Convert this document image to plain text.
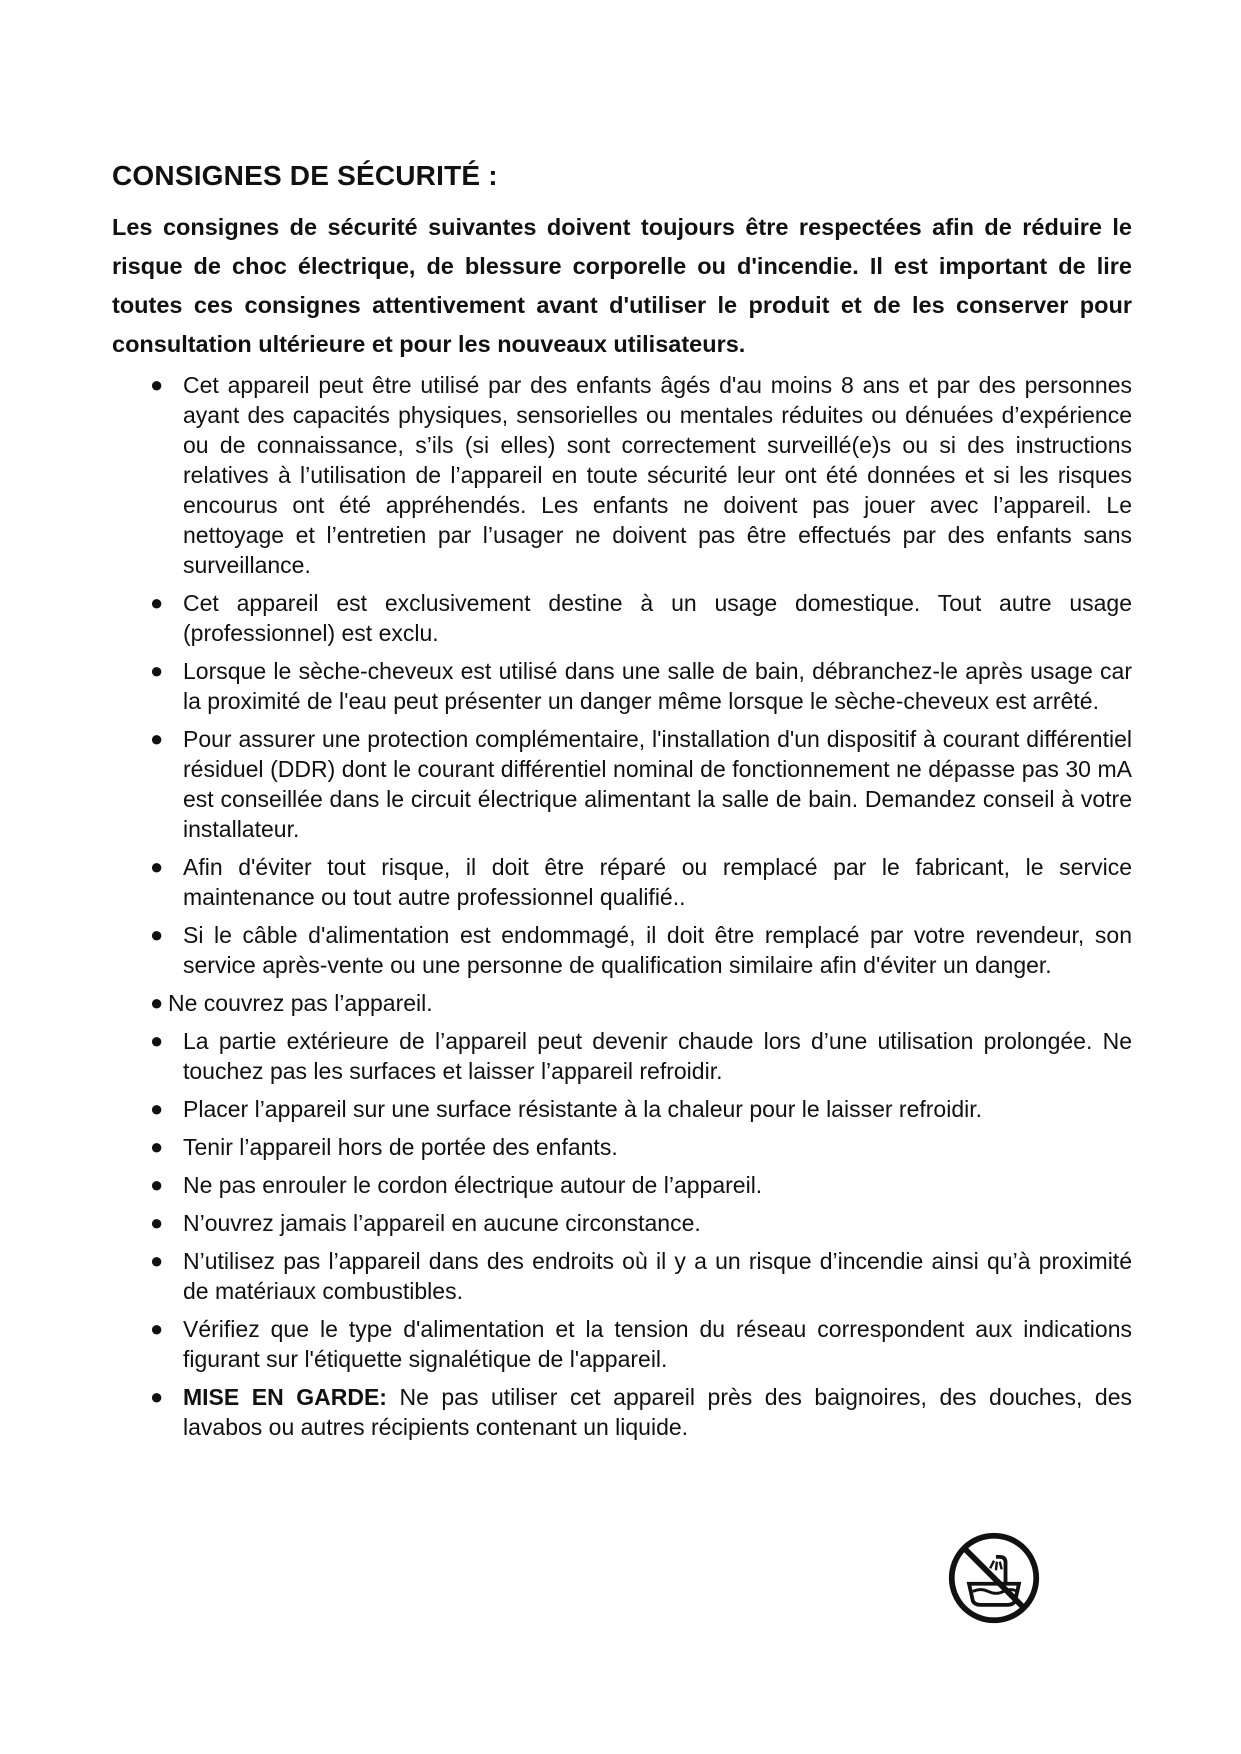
CONSIGNES DE SÉCURITÉ :

Les consignes de sécurité suivantes doivent toujours être respectées afin de réduire le risque de choc électrique, de blessure corporelle ou d'incendie. Il est important de lire toutes ces consignes attentivement avant d'utiliser le produit et de les conserver pour consultation ultérieure et pour les nouveaux utilisateurs.

● Cet appareil peut être utilisé par des enfants âgés d'au moins 8 ans et par des personnes ayant des capacités physiques, sensorielles ou mentales réduites ou dénuées d’expérience ou de connaissance, s’ils (si elles) sont correctement surveillé(e)s ou si des instructions relatives à l’utilisation de l’appareil en toute sécurité leur ont été données et si les risques encourus ont été appréhendés. Les enfants ne doivent pas jouer avec l’appareil. Le nettoyage et l’entretien par l’usager ne doivent pas être effectués par des enfants sans surveillance.
● Cet appareil est exclusivement destine à un usage domestique. Tout autre usage (professionnel) est exclu.
● Lorsque le sèche-cheveux est utilisé dans une salle de bain, débranchez-le après usage car la proximité de l'eau peut présenter un danger même lorsque le sèche-cheveux est arrêté.
● Pour assurer une protection complémentaire, l'installation d'un dispositif à courant différentiel résiduel (DDR) dont le courant différentiel nominal de fonctionnement ne dépasse pas 30 mA est conseillée dans le circuit électrique alimentant la salle de bain. Demandez conseil à votre installateur.
● Afin d'éviter tout risque, il doit être réparé ou remplacé par le fabricant, le service maintenance ou tout autre professionnel qualifié..
● Si le câble d'alimentation est endommagé, il doit être remplacé par votre revendeur, son service après-vente ou une personne de qualification similaire afin d'éviter un danger.
● Ne couvrez pas l’appareil.
● La partie extérieure de l’appareil peut devenir chaude lors d’une utilisation prolongée. Ne touchez pas les surfaces et laisser l’appareil refroidir.
● Placer l’appareil sur une surface résistante à la chaleur pour le laisser refroidir.
● Tenir l’appareil hors de portée des enfants.
● Ne pas enrouler le cordon électrique autour de l’appareil.
● N’ouvrez jamais l’appareil en aucune circonstance.
● N’utilisez pas l’appareil dans des endroits où il y a un risque d’incendie ainsi qu’à proximité de matériaux combustibles.
● Vérifiez que le type d'alimentation et la tension du réseau correspondent aux indications figurant sur l'étiquette signalétique de l'appareil.
● MISE EN GARDE: Ne pas utiliser cet appareil près des baignoires, des douches, des lavabos ou autres récipients contenant un liquide.
